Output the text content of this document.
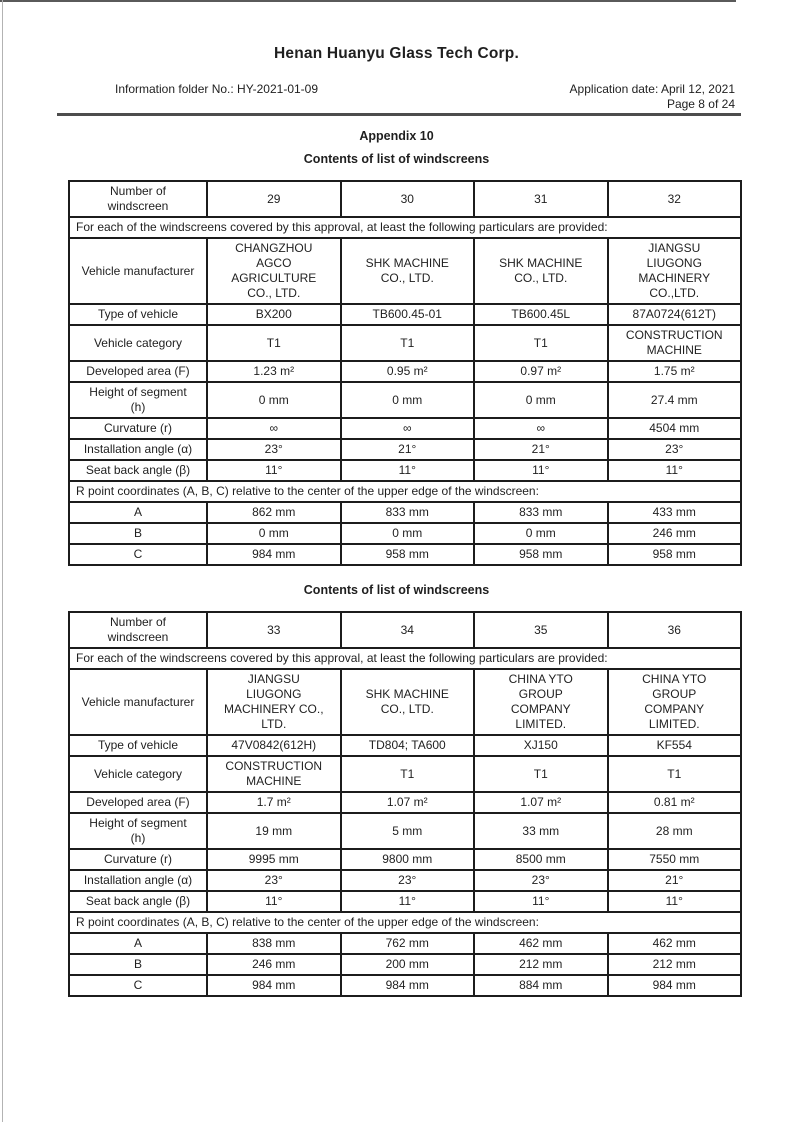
Henan Huanyu Glass Tech Corp.
Information folder No.: HY-2021-01-09	Application date: April 12, 2021
Page 8 of 24
Appendix 10
Contents of list of windscreens
Number of windscreen	29	30	31	32
For each of the windscreens covered by this approval, at least the following particulars are provided:				
Vehicle manufacturer	CHANGZHOU AGCO AGRICULTURE CO., LTD.	SHK MACHINE CO., LTD.	SHK MACHINE CO., LTD.	JIANGSU LIUGONG MACHINERY CO.,LTD.
Type of vehicle	BX200	TB600.45-01	TB600.45L	87A0724(612T)
Vehicle category	T1	T1	T1	CONSTRUCTION MACHINE
Developed area (F)	1.23 m²	0.95 m²	0.97 m²	1.75 m²
Height of segment (h)	0 mm	0 mm	0 mm	27.4 mm
Curvature (r)	∞	∞	∞	4504 mm
Installation angle (α)	23°	21°	21°	23°
Seat back angle (β)	11°	11°	11°	11°
R point coordinates (A, B, C) relative to the center of the upper edge of the windscreen:				
A	862 mm	833 mm	833 mm	433 mm
B	0 mm	0 mm	0 mm	246 mm
C	984 mm	958 mm	958 mm	958 mm
Contents of list of windscreens
Number of windscreen	33	34	35	36
For each of the windscreens covered by this approval, at least the following particulars are provided:				
Vehicle manufacturer	JIANGSU LIUGONG MACHINERY CO., LTD.	SHK MACHINE CO., LTD.	CHINA YTO GROUP COMPANY LIMITED.	CHINA YTO GROUP COMPANY LIMITED.
Type of vehicle	47V0842(612H)	TD804; TA600	XJ150	KF554
Vehicle category	CONSTRUCTION MACHINE	T1	T1	T1
Developed area (F)	1.7 m²	1.07 m²	1.07 m²	0.81 m²
Height of segment (h)	19 mm	5 mm	33 mm	28 mm
Curvature (r)	9995 mm	9800 mm	8500 mm	7550 mm
Installation angle (α)	23°	23°	23°	21°
Seat back angle (β)	11°	11°	11°	11°
R point coordinates (A, B, C) relative to the center of the upper edge of the windscreen:				
A	838 mm	762 mm	462 mm	462 mm
B	246 mm	200 mm	212 mm	212 mm
C	984 mm	984 mm	884 mm	984 mm
